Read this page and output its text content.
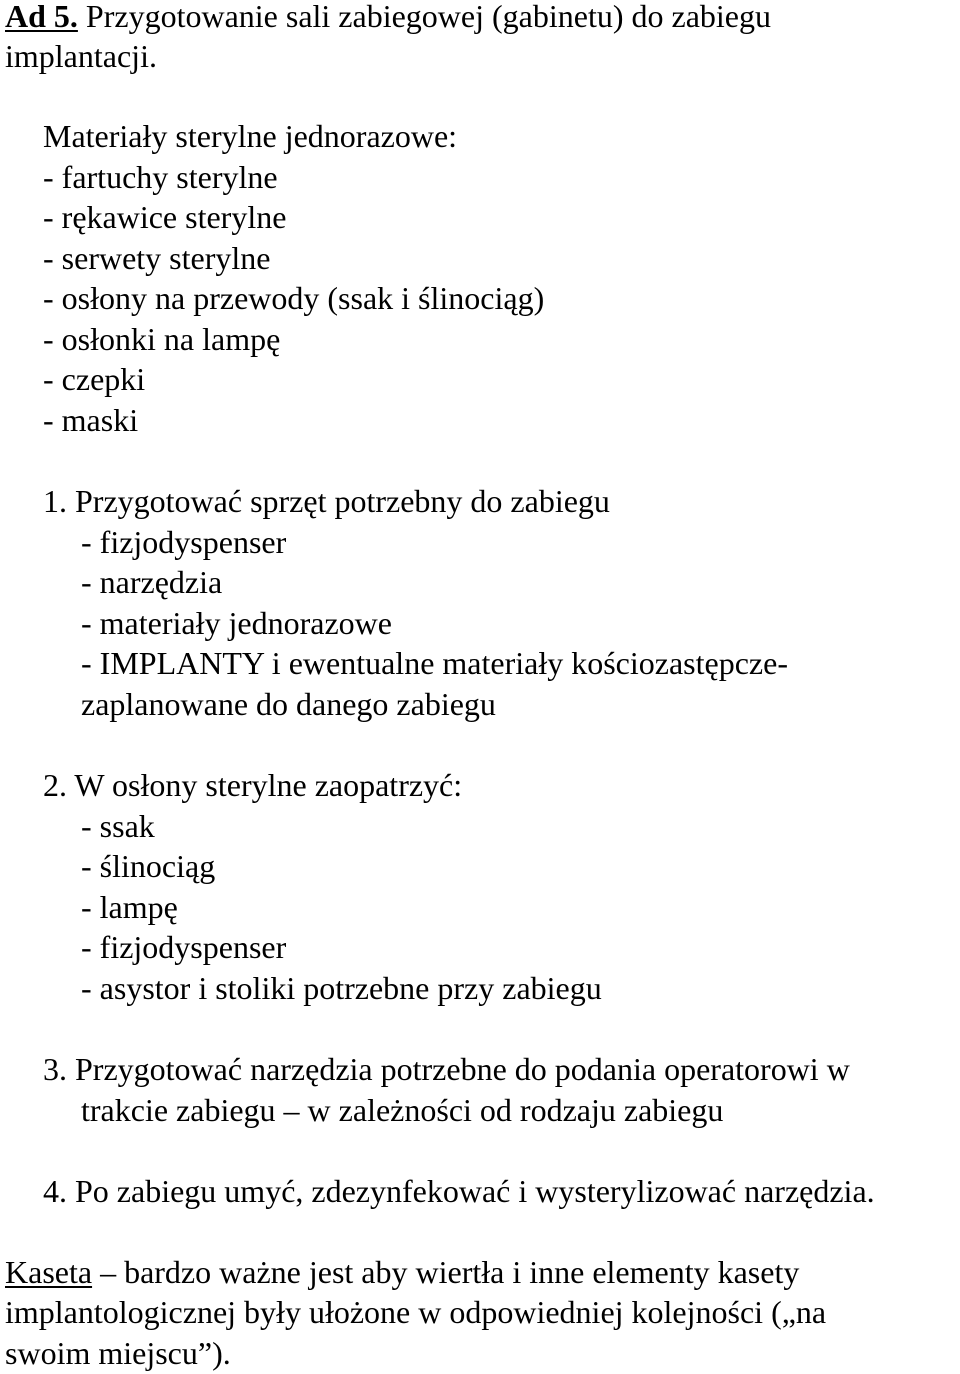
Ad 5. Przygotowanie sali zabiegowej (gabinetu) do zabiegu
implantacji.
Materiały sterylne jednorazowe:
- fartuchy sterylne
- rękawice sterylne
- serwety sterylne
- osłony na przewody (ssak i ślinociąg)
- osłonki na lampę
- czepki
- maski
1. Przygotować sprzęt potrzebny do zabiegu
- fizjodyspenser
- narzędzia
- materiały jednorazowe
- IMPLANTY i ewentualne materiały kościozastępcze-
zaplanowane do danego zabiegu
2. W osłony sterylne zaopatrzyć:
- ssak
- ślinociąg
- lampę
- fizjodyspenser
- asystor i stoliki potrzebne przy zabiegu
3. Przygotować narzędzia potrzebne do podania operatorowi w
trakcie zabiegu – w zależności od rodzaju zabiegu
4. Po zabiegu umyć, zdezynfekować i wysterylizować narzędzia.
Kaseta – bardzo ważne jest aby wiertła i inne elementy kasety
implantologicznej były ułożone w odpowiedniej kolejności („na
swoim miejscu”).
